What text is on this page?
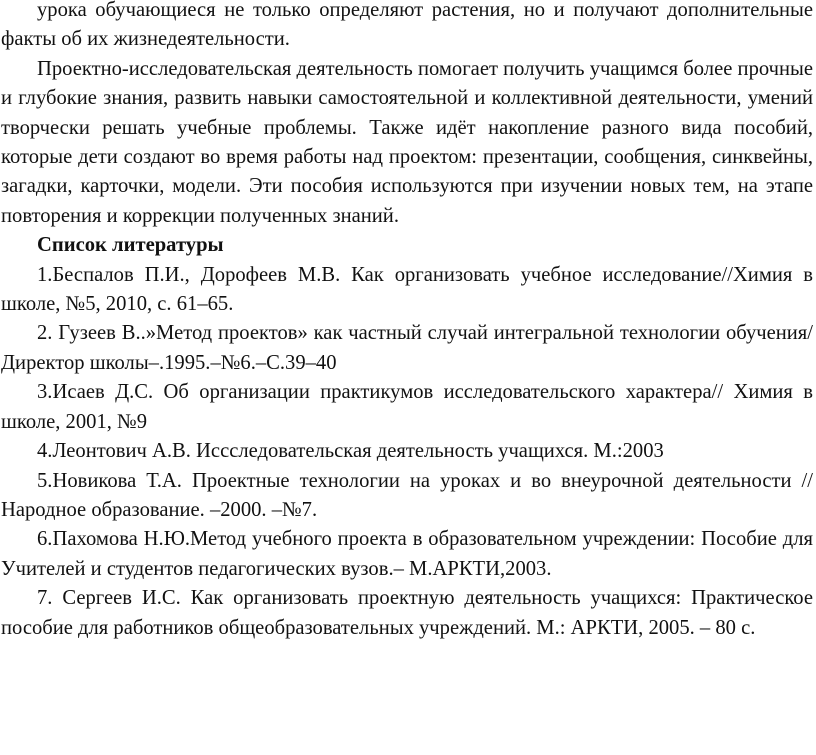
урока обучающиеся не только определяют растения, но и получают дополнительные факты об их жизнедеятельности.

Проектно-исследовательская деятельность помогает получить учащимся более прочные и глубокие знания, развить навыки самостоятельной и коллективной деятельности, умений творчески решать учебные проблемы. Также идёт накопление разного вида пособий, которые дети создают во время работы над проектом: презентации, сообщения, синквейны, загадки, карточки, модели. Эти пособия используются при изучении новых тем, на этапе повторения и коррекции полученных знаний.

Список литературы

1.Беспалов П.И., Дорофеев М.В. Как организовать учебное исследование//Химия в школе, №5, 2010, с. 61–65.

2. Гузеев В..»Метод проектов» как частный случай интегральной технологии обучения/Директор школы–.1995.–№6.–С.39–40

3.Исаев Д.С. Об организации практикумов исследовательского характера// Химия в школе, 2001, №9

4.Леонтович А.В. Иссследовательская деятельность учащихся. М.:2003

5.Новикова Т.А. Проектные технологии на уроках и во внеурочной деятельности // Народное образование. –2000. –№7.

6.Пахомова Н.Ю.Метод учебного проекта в образовательном учреждении: Пособие для Учителей и студентов педагогических вузов.– М.АРКТИ,2003.

7. Сергеев И.С. Как организовать проектную деятельность учащихся: Практическое пособие для работников общеобразовательных учреждений. М.: АРКТИ, 2005. – 80 с.
